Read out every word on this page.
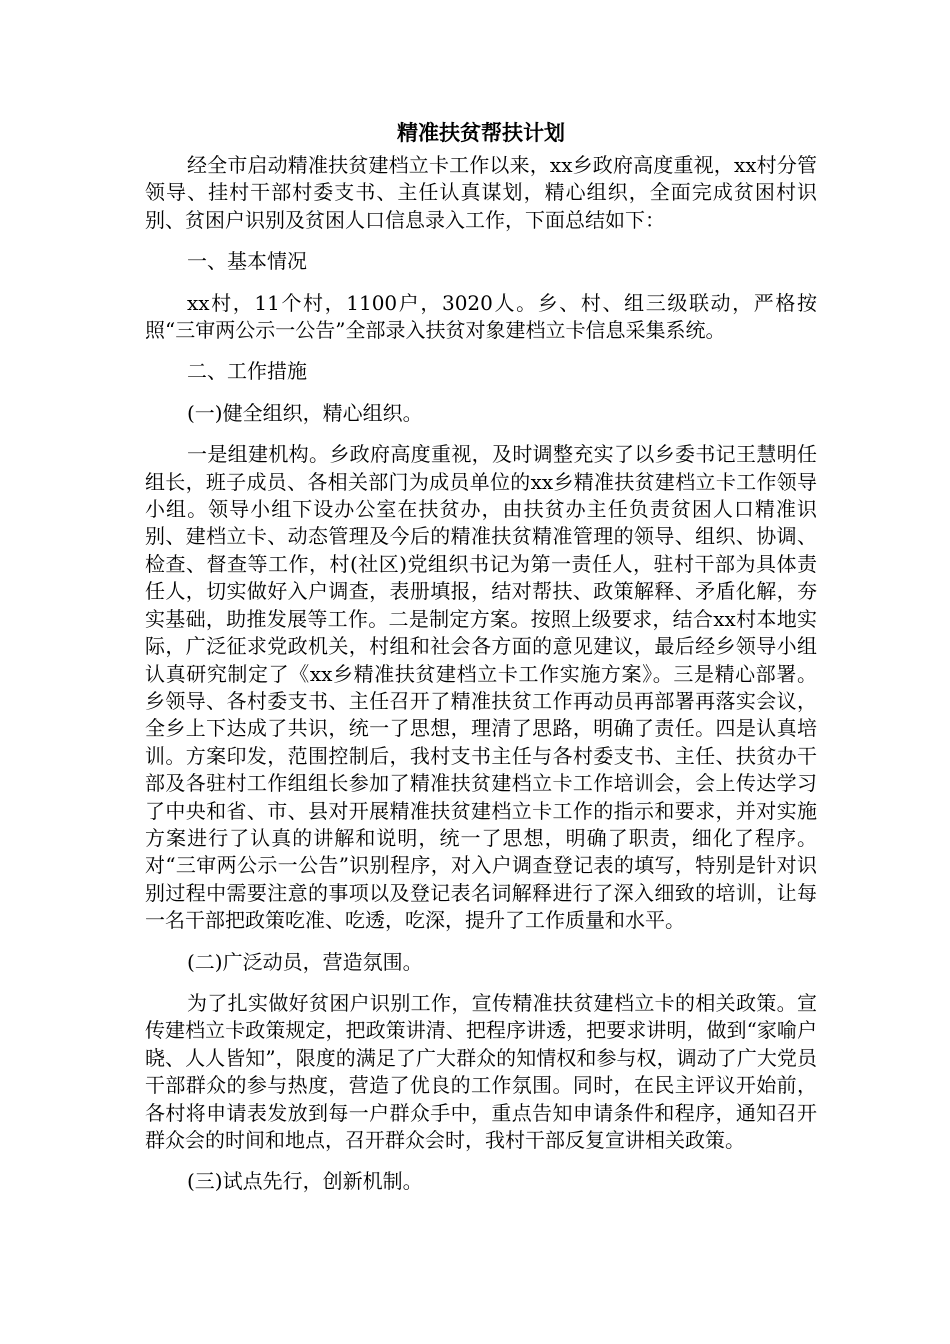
精准扶贫帮扶计划

经全市启动精准扶贫建档立卡工作以来，xx乡政府高度重视，xx村分管领导、挂村干部村委支书、主任认真谋划，精心组织，全面完成贫困村识别、贫困户识别及贫困人口信息录入工作，下面总结如下：

一、基本情况

xx村，11个村，1100户，3020人。乡、村、组三级联动，严格按照“三审两公示一公告”全部录入扶贫对象建档立卡信息采集系统。

二、工作措施

(一)健全组织，精心组织。

一是组建机构。乡政府高度重视，及时调整充实了以乡委书记王慧明任组长，班子成员、各相关部门为成员单位的xx乡精准扶贫建档立卡工作领导小组。领导小组下设办公室在扶贫办，由扶贫办主任负责贫困人口精准识别、建档立卡、动态管理及今后的精准扶贫精准管理的领导、组织、协调、检查、督查等工作，村(社区)党组织书记为第一责任人，驻村干部为具体责任人，切实做好入户调查，表册填报，结对帮扶、政策解释、矛盾化解，夯实基础，助推发展等工作。二是制定方案。按照上级要求，结合xx村本地实际，广泛征求党政机关，村组和社会各方面的意见建议，最后经乡领导小组认真研究制定了《xx乡精准扶贫建档立卡工作实施方案》。三是精心部署。乡领导、各村委支书、主任召开了精准扶贫工作再动员再部署再落实会议，全乡上下达成了共识，统一了思想，理清了思路，明确了责任。四是认真培训。方案印发，范围控制后，我村支书主任与各村委支书、主任、扶贫办干部及各驻村工作组组长参加了精准扶贫建档立卡工作培训会，会上传达学习了中央和省、市、县对开展精准扶贫建档立卡工作的指示和要求，并对实施方案进行了认真的讲解和说明，统一了思想，明确了职责，细化了程序。对“三审两公示一公告”识别程序，对入户调查登记表的填写，特别是针对识别过程中需要注意的事项以及登记表名词解释进行了深入细致的培训，让每一名干部把政策吃准、吃透，吃深，提升了工作质量和水平。

(二)广泛动员，营造氛围。

为了扎实做好贫困户识别工作，宣传精准扶贫建档立卡的相关政策。宣传建档立卡政策规定，把政策讲清、把程序讲透，把要求讲明，做到“家喻户晓、人人皆知”，限度的满足了广大群众的知情权和参与权，调动了广大党员干部群众的参与热度，营造了优良的工作氛围。同时，在民主评议开始前，各村将申请表发放到每一户群众手中，重点告知申请条件和程序，通知召开群众会的时间和地点，召开群众会时，我村干部反复宣讲相关政策。

(三)试点先行，创新机制。
